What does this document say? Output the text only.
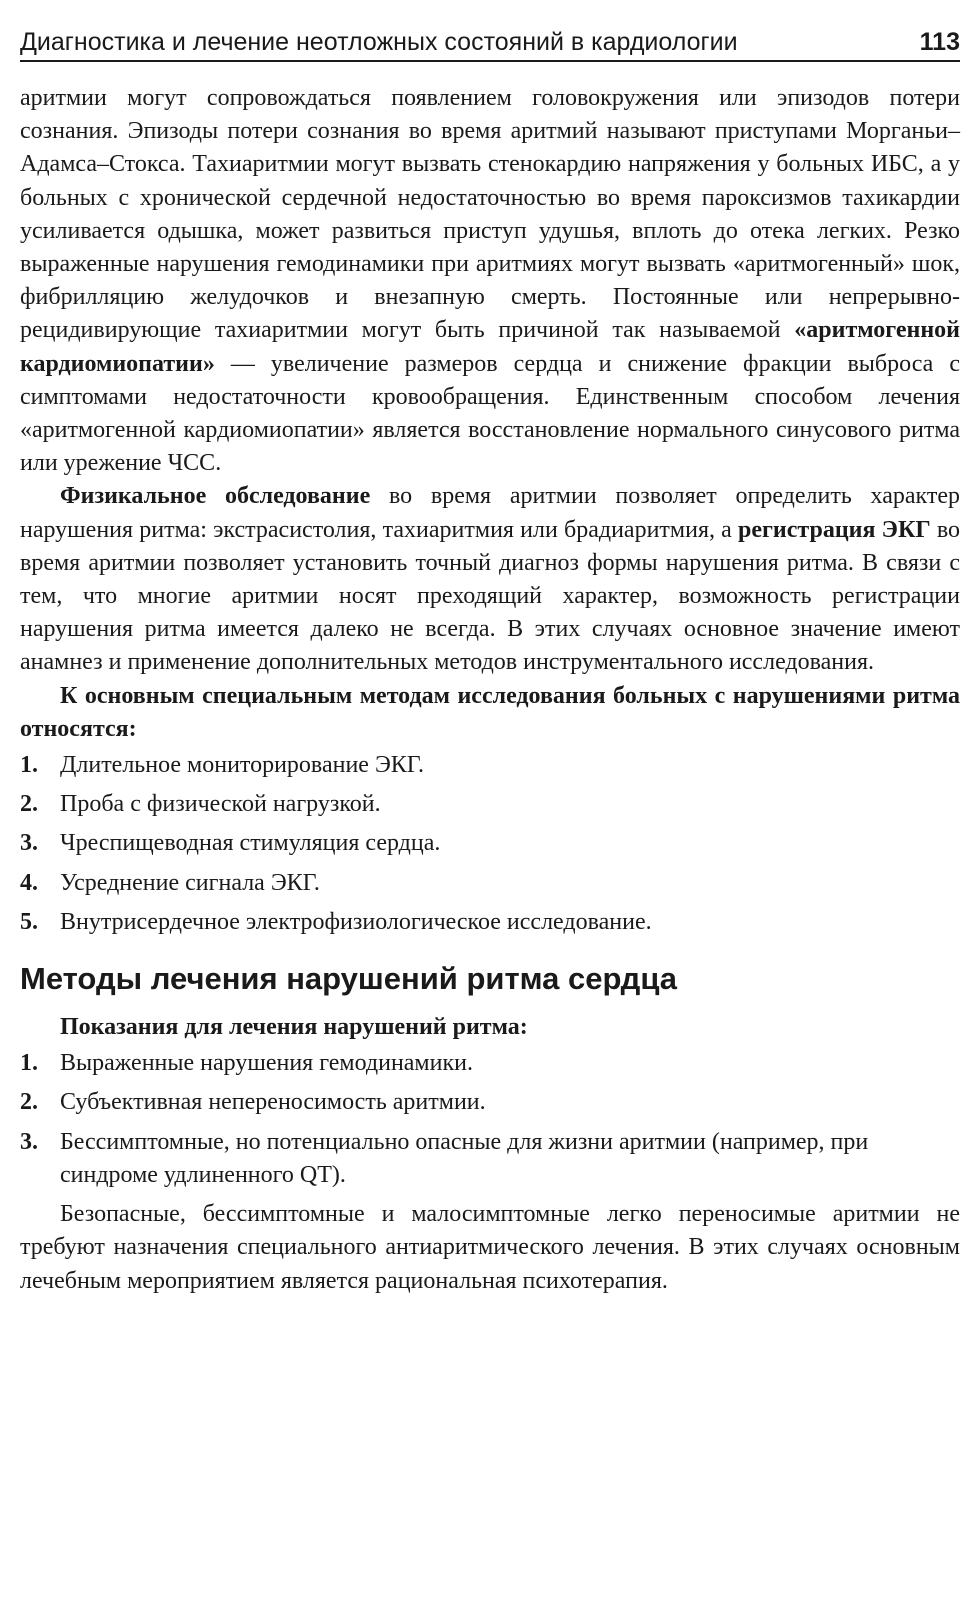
Диагностика и лечение неотложных состояний в кардиологии	113

аритмии могут сопровождаться появлением головокружения или эпизодов потери сознания. Эпизоды потери сознания во время аритмий называют приступами Морганьи–Адамса–Стокса. Тахиаритмии могут вызвать стенокардию напряжения у больных ИБС, а у больных с хронической сердечной недостаточностью во время пароксизмов тахикардии усиливается одышка, может развиться приступ удушья, вплоть до отека легких. Резко выраженные нарушения гемодинамики при аритмиях могут вызвать «аритмогенный» шок, фибрилляцию желудочков и внезапную смерть. Постоянные или непрерывно-рецидивирующие тахиаритмии могут быть причиной так называемой «аритмогенной кардиомиопатии» — увеличение размеров сердца и снижение фракции выброса с симптомами недостаточности кровообращения. Единственным способом лечения «аритмогенной кардиомиопатии» является восстановление нормального синусового ритма или урежение ЧСС.

Физикальное обследование во время аритмии позволяет определить характер нарушения ритма: экстрасистолия, тахиаритмия или брадиаритмия, а регистрация ЭКГ во время аритмии позволяет установить точный диагноз формы нарушения ритма. В связи с тем, что многие аритмии носят преходящий характер, возможность регистрации нарушения ритма имеется далеко не всегда. В этих случаях основное значение имеют анамнез и применение дополнительных методов инструментального исследования.

К основным специальным методам исследования больных с нарушениями ритма относятся:

1. Длительное мониторирование ЭКГ.
2. Проба с физической нагрузкой.
3. Чреспищеводная стимуляция сердца.
4. Усреднение сигнала ЭКГ.
5. Внутрисердечное электрофизиологическое исследование.
Методы лечения нарушений ритма сердца

Показания для лечения нарушений ритма:

1. Выраженные нарушения гемодинамики.
2. Субъективная непереносимость аритмии.
3. Бессимптомные, но потенциально опасные для жизни аритмии (например, при синдроме удлиненного QT).

Безопасные, бессимптомные и малосимптомные легко переносимые аритмии не требуют назначения специального антиаритмического лечения. В этих случаях основным лечебным мероприятием является рациональная психотерапия.
